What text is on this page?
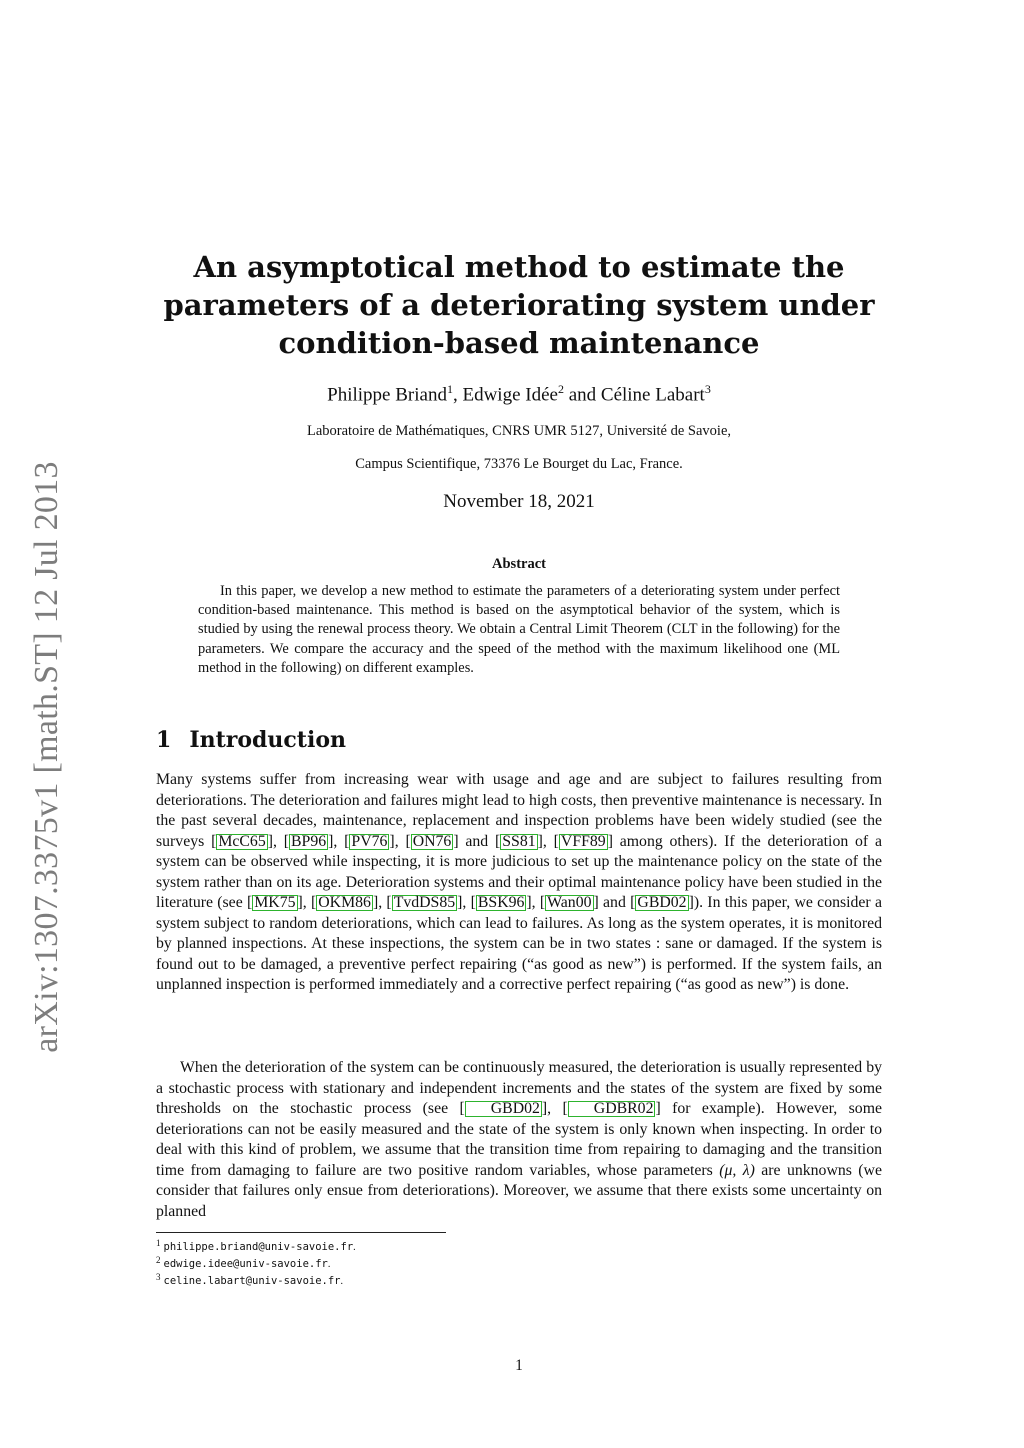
arXiv:1307.3375v1 [math.ST] 12 Jul 2013
An asymptotical method to estimate the
parameters of a deteriorating system under
condition-based maintenance
Philippe Briand$^1$, Edwige Idée$^2$ and Céline Labart$^3$
Laboratoire de Mathématiques, CNRS UMR 5127, Université de Savoie,
Campus Scientifique, 73376 Le Bourget du Lac, France.
November 18, 2021
Abstract
In this paper, we develop a new method to estimate the parameters of a deteriorating system under perfect condition-based maintenance. This method is based on the asymptotical behavior of the system, which is studied by using the renewal process theory. We obtain a Central Limit Theorem (CLT in the following) for the parameters. We compare the accuracy and the speed of the method with the maximum likelihood one (ML method in the following) on different examples.
1 Introduction
Many systems suffer from increasing wear with usage and age and are subject to failures resulting from deteriorations. The deterioration and failures might lead to high costs, then preventive maintenance is necessary. In the past several decades, maintenance, replacement and inspection problems have been widely studied (see the surveys [ McC65 ], [ BP96 ], [ PV76 ], [ ON76 ] and [ SS81 ], [ VFF89 ] among others). If the deterioration of a system can be observed while inspecting, it is more judicious to set up the maintenance policy on the state of the system rather than on its age. Deterioration systems and their optimal maintenance policy have been studied in the literature (see [ MK75 ], [ OKM86 ], [ TvdDS85 ], [ BSK96 ], [ Wan00 ] and [ GBD02 ]). In this paper, we consider a system subject to random deteriorations, which can lead to failures. As long as the system operates, it is monitored by planned inspections. At these inspections, the system can be in two states : sane or damaged. If the system is found out to be damaged, a preventive perfect repairing (“as good as new”) is performed. If the system fails, an unplanned inspection is performed immediately and a corrective perfect repairing (“as good as new”) is done.
When the deterioration of the system can be continuously measured, the deterioration is usually represented by a stochastic process with stationary and independent increments and the states of the system are fixed by some thresholds on the stochastic process (see [ GBD02 ], [ GDBR02 ] for example). However, some deteriorations can not be easily measured and the state of the system is only known when inspecting. In order to deal with this kind of problem, we assume that the transition time from repairing to damaging and the transition time from damaging to failure are two positive random variables, whose parameters (μ, λ) are unknowns (we consider that failures only ensue from deteriorations). Moreover, we assume that there exists some uncertainty on planned
$^1$ philippe.briand@univ-savoie.fr.
$^2$ edwige.idee@univ-savoie.fr.
$^3$ celine.labart@univ-savoie.fr.
1
